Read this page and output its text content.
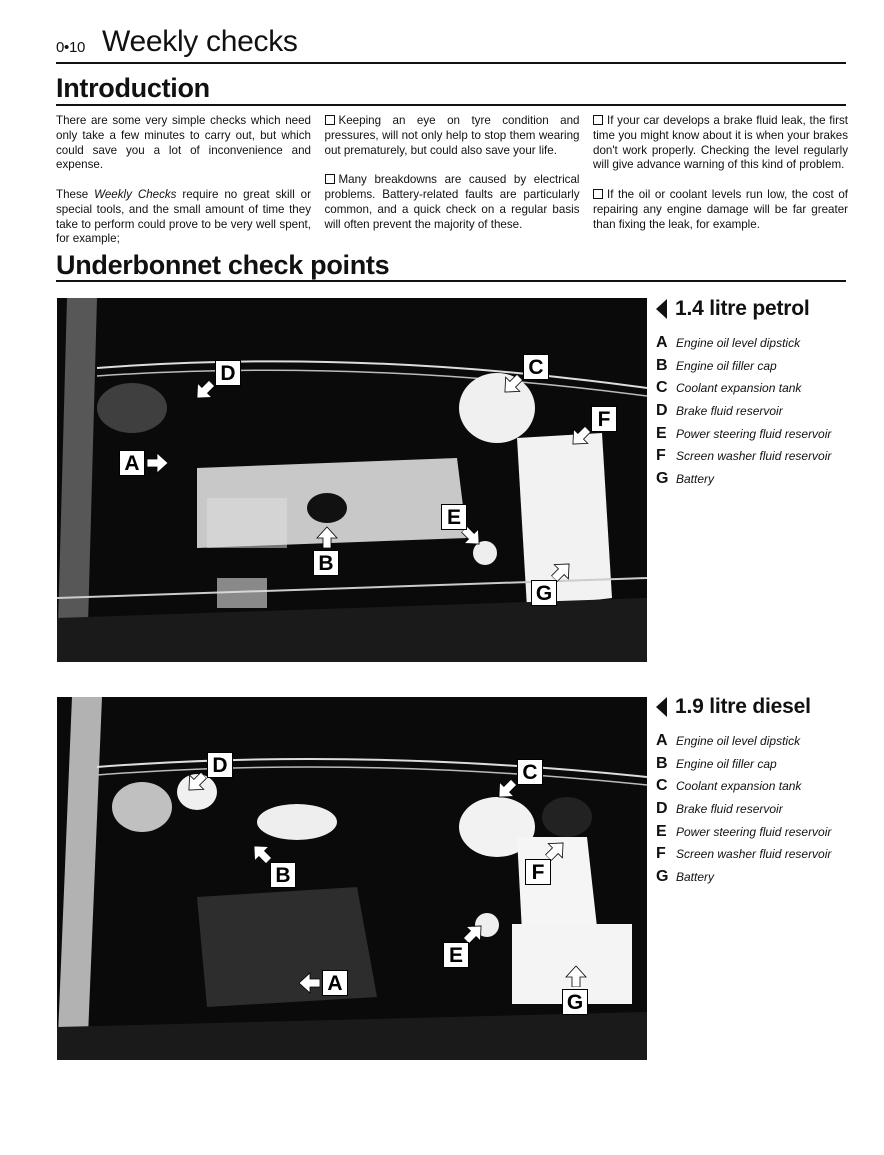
0•10 Weekly checks
Introduction

There are some very simple checks which need only take a few minutes to carry out, but which could save you a lot of inconvenience and expense.

These Weekly Checks require no great skill or special tools, and the small amount of time they take to perform could prove to be very well spent, for example;

Keeping an eye on tyre condition and pressures, will not only help to stop them wearing out prematurely, but could also save your life.

Many breakdowns are caused by electrical problems. Battery-related faults are particularly common, and a quick check on a regular basis will often prevent the majority of these.

If your car develops a brake fluid leak, the first time you might know about it is when your brakes don't work properly. Checking the level regularly will give advance warning of this kind of problem.

If the oil or coolant levels run low, the cost of repairing any engine damage will be far greater than fixing the leak, for example.

Underbonnet check points
A
B
C
D
E
F
G
1.4 litre petrol
A Engine oil level dipstick
B Engine oil filler cap
C Coolant expansion tank
D Brake fluid reservoir
E Power steering fluid reservoir
F Screen washer fluid reservoir
G Battery
A
B
C
D
E
F
G
1.9 litre diesel
A Engine oil level dipstick
B Engine oil filler cap
C Coolant expansion tank
D Brake fluid reservoir
E Power steering fluid reservoir
F Screen washer fluid reservoir
G Battery
